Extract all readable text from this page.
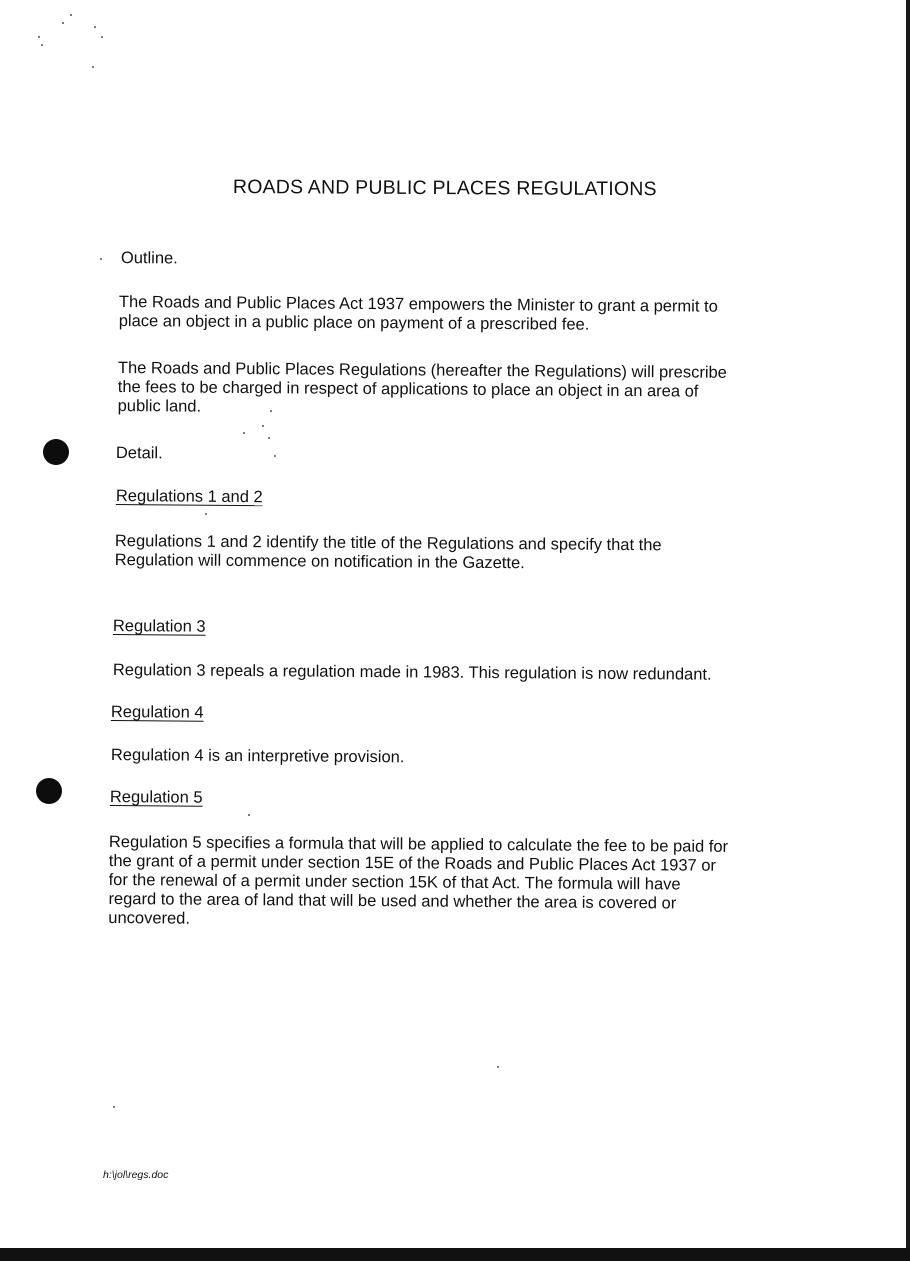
ROADS AND PUBLIC PLACES REGULATIONS
Outline.
The Roads and Public Places Act 1937 empowers the Minister to grant a permit to
place an object in a public place on payment of a prescribed fee.
The Roads and Public Places Regulations (hereafter the Regulations) will prescribe
the fees to be charged in respect of applications to place an object in an area of
public land.
Detail.
Regulations 1 and 2
Regulations 1 and 2 identify the title of the Regulations and specify that the
Regulation will commence on notification in the Gazette.
Regulation 3
Regulation 3 repeals a regulation made in 1983. This regulation is now redundant.
Regulation 4
Regulation 4 is an interpretive provision.
Regulation 5
Regulation 5 specifies a formula that will be applied to calculate the fee to be paid for
the grant of a permit under section 15E of the Roads and Public Places Act 1937 or
for the renewal of a permit under section 15K of that Act. The formula will have
regard to the area of land that will be used and whether the area is covered or
uncovered.
h:\jol\regs.doc
